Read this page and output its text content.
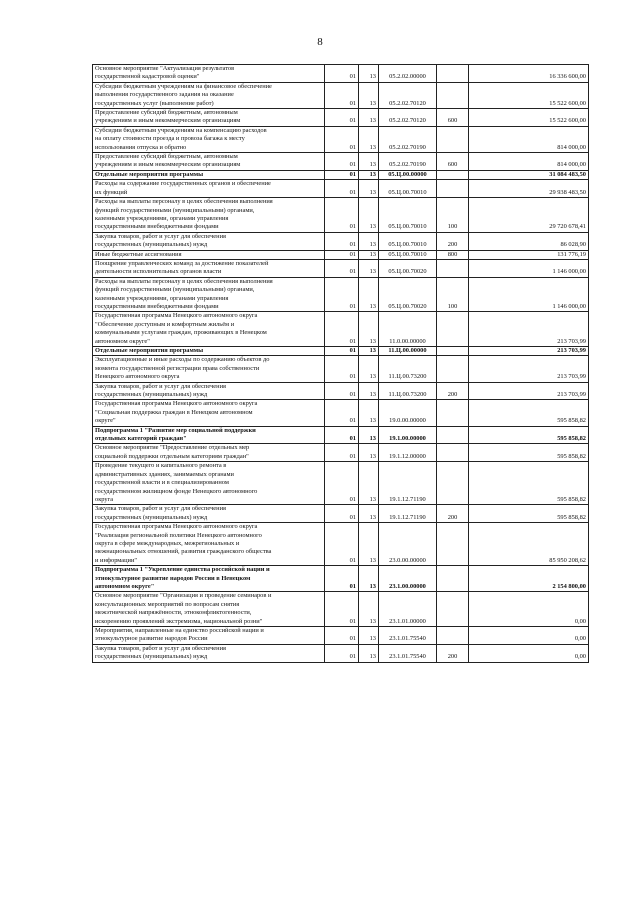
8
Основное мероприятие "Актуализация результатов
государственной кадастровой оценки"	01	13	05.2.02.00000		16 336 600,00

Субсидии бюджетным учреждениям на финансовое обеспечение
выполнения государственного задания на оказание
государственных услуг (выполнение работ)	01	13	05.2.02.70120		15 522 600,00

Предоставление субсидий бюджетным, автономным
учреждениям и иным некоммерческим организациям	01	13	05.2.02.70120	600	15 522 600,00

Субсидии бюджетным учреждениям на компенсацию расходов
на оплату стоимости проезда и провоза багажа к месту
использования отпуска и обратно	01	13	05.2.02.70190		814 000,00

Предоставление субсидий бюджетным, автономным
учреждениям и иным некоммерческим организациям	01	13	05.2.02.70190	600	814 000,00

Отдельные мероприятия программы	01	13	05.Ц.00.00000		31 084 483,50

Расходы на содержание государственных органов и обеспечение
их функций	01	13	05.Ц.00.70010		29 938 483,50

Расходы на выплаты персоналу в целях обеспечения выполнения
функций государственными (муниципальными) органами,
казенными учреждениями, органами управления
государственными внебюджетными фондами	01	13	05.Ц.00.70010	100	29 720 678,41

Закупка товаров, работ и услуг для обеспечения
государственных (муниципальных) нужд	01	13	05.Ц.00.70010	200	86 028,90

Иные бюджетные ассигнования	01	13	05.Ц.00.70010	800	131 776,19

Поощрение управленческих команд за достижение показателей
деятельности исполнительных органов власти	01	13	05.Ц.00.70020		1 146 000,00

Расходы на выплаты персоналу в целях обеспечения выполнения
функций государственными (муниципальными) органами,
казенными учреждениями, органами управления
государственными внебюджетными фондами	01	13	05.Ц.00.70020	100	1 146 000,00

Государственная программа Ненецкого автономного округа
"Обеспечение доступным и комфортным жильём и
коммунальными услугами граждан, проживающих в Ненецком
автономном округе"	01	13	11.0.00.00000		213 703,99

Отдельные мероприятия программы	01	13	11.Ц.00.00000		213 703,99

Эксплуатационные и иные расходы по содержанию объектов до
момента государственной регистрации права собственности
Ненецкого автономного округа	01	13	11.Ц.00.73200		213 703,99

Закупка товаров, работ и услуг для обеспечения
государственных (муниципальных) нужд	01	13	11.Ц.00.73200	200	213 703,99

Государственная программа Ненецкого автономного округа
"Социальная поддержка граждан в Ненецком автономном
округе"	01	13	19.0.00.00000		595 858,82

Подпрограмма 1 "Развитие мер социальной поддержки
отдельных категорий граждан"	01	13	19.1.00.00000		595 858,82

Основное мероприятие "Предоставление отдельных мер
социальной поддержки отдельным категориям граждан"	01	13	19.1.12.00000		595 858,82

Проведение текущего и капитального ремонта в
административных зданиях, занимаемых органами
государственной власти и в специализированном
государственном жилищном фонде Ненецкого автономного
округа	01	13	19.1.12.71190		595 858,82

Закупка товаров, работ и услуг для обеспечения
государственных (муниципальных) нужд	01	13	19.1.12.71190	200	595 858,82

Государственная программа Ненецкого автономного округа
"Реализация региональной политики Ненецкого автономного
округа в сфере международных, межрегиональных и
межнациональных отношений, развития гражданского общества
и информации"	01	13	23.0.00.00000		85 950 208,62

Подпрограмма 1 "Укрепление единства российской нации и
этнокультурное развитие народов России в Ненецком
автономном округе"	01	13	23.1.00.00000		2 154 800,00

Основное мероприятие "Организация и проведение семинаров и
консультационных мероприятий по вопросам снятия
межэтнической напряжённости, этноконфликтогенности,
искоренению проявлений экстремизма, национальной розни"	01	13	23.1.01.00000		0,00

Мероприятия, направленные на единство российской нации и
этнокультурное развитие народов России	01	13	23.1.01.75540		0,00

Закупка товаров, работ и услуг для обеспечения
государственных (муниципальных) нужд	01	13	23.1.01.75540	200	0,00
